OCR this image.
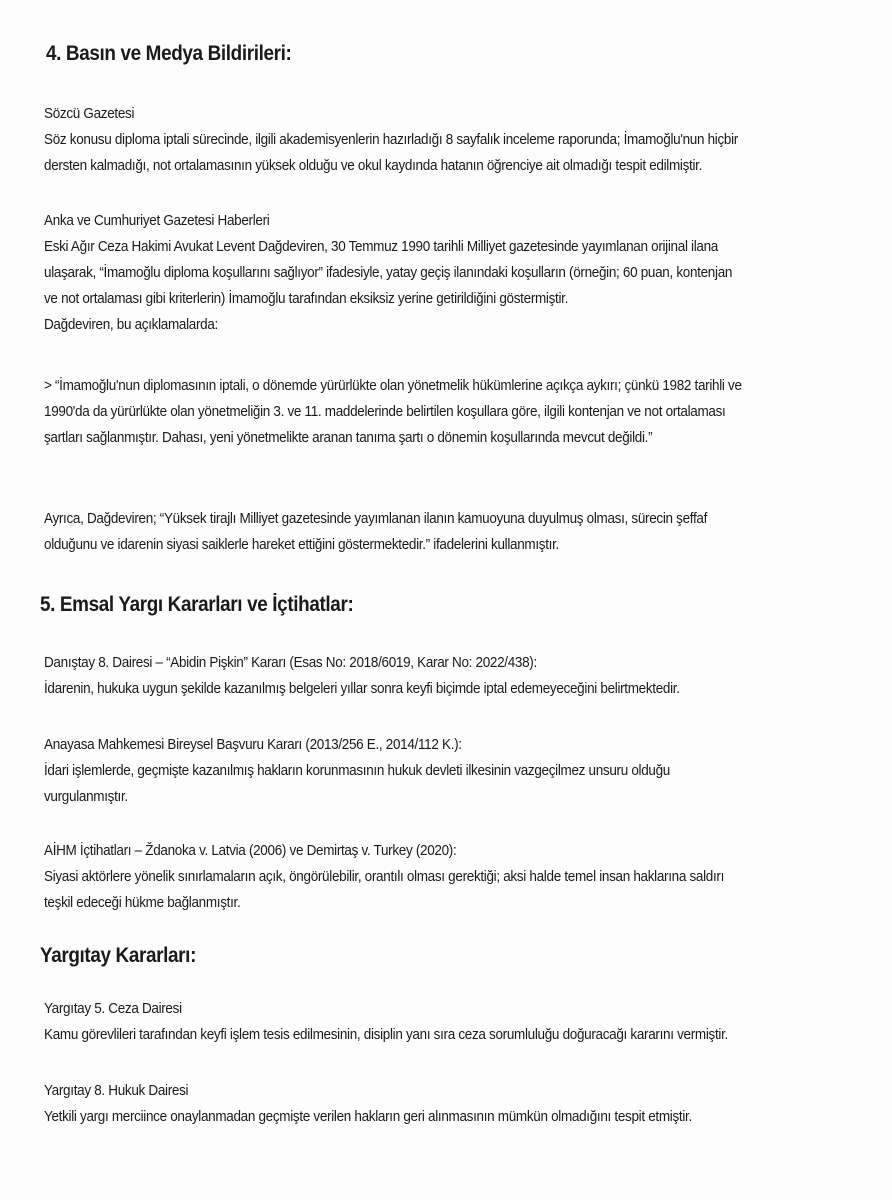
4. Basın ve Medya Bildirileri:
Sözcü Gazetesi
Söz konusu diploma iptali sürecinde, ilgili akademisyenlerin hazırladığı 8 sayfalık inceleme raporunda; İmamoğlu'nun hiçbir
dersten kalmadığı, not ortalamasının yüksek olduğu ve okul kaydında hatanın öğrenciye ait olmadığı tespit edilmiştir.
Anka ve Cumhuriyet Gazetesi Haberleri
Eski Ağır Ceza Hakimi Avukat Levent Dağdeviren, 30 Temmuz 1990 tarihli Milliyet gazetesinde yayımlanan orijinal ilana
ulaşarak, “İmamoğlu diploma koşullarını sağlıyor” ifadesiyle, yatay geçiş ilanındaki koşulların (örneğin; 60 puan, kontenjan
ve not ortalaması gibi kriterlerin) İmamoğlu tarafından eksiksiz yerine getirildiğini göstermiştir.
Dağdeviren, bu açıklamalarda:
> “İmamoğlu'nun diplomasının iptali, o dönemde yürürlükte olan yönetmelik hükümlerine açıkça aykırı; çünkü 1982 tarihli ve
1990'da da yürürlükte olan yönetmeliğin 3. ve 11. maddelerinde belirtilen koşullara göre, ilgili kontenjan ve not ortalaması
şartları sağlanmıştır. Dahası, yeni yönetmelikte aranan tanıma şartı o dönemin koşullarında mevcut değildi.”
Ayrıca, Dağdeviren; “Yüksek tirajlı Milliyet gazetesinde yayımlanan ilanın kamuoyuna duyulmuş olması, sürecin şeffaf
olduğunu ve idarenin siyasi saiklerle hareket ettiğini göstermektedir.” ifadelerini kullanmıştır.
5. Emsal Yargı Kararları ve İçtihatlar:
Danıştay 8. Dairesi – “Abidin Pişkin” Kararı (Esas No: 2018/6019, Karar No: 2022/438):
İdarenin, hukuka uygun şekilde kazanılmış belgeleri yıllar sonra keyfi biçimde iptal edemeyeceğini belirtmektedir.
Anayasa Mahkemesi Bireysel Başvuru Kararı (2013/256 E., 2014/112 K.):
İdari işlemlerde, geçmişte kazanılmış hakların korunmasının hukuk devleti ilkesinin vazgeçilmez unsuru olduğu
vurgulanmıştır.
AİHM İçtihatları – Ždanoka v. Latvia (2006) ve Demirtaş v. Turkey (2020):
Siyasi aktörlere yönelik sınırlamaların açık, öngörülebilir, orantılı olması gerektiği; aksi halde temel insan haklarına saldırı
teşkil edeceği hükme bağlanmıştır.
Yargıtay Kararları:
Yargıtay 5. Ceza Dairesi
Kamu görevlileri tarafından keyfi işlem tesis edilmesinin, disiplin yanı sıra ceza sorumluluğu doğuracağı kararını vermiştir.
Yargıtay 8. Hukuk Dairesi
Yetkili yargı merciince onaylanmadan geçmişte verilen hakların geri alınmasının mümkün olmadığını tespit etmiştir.
